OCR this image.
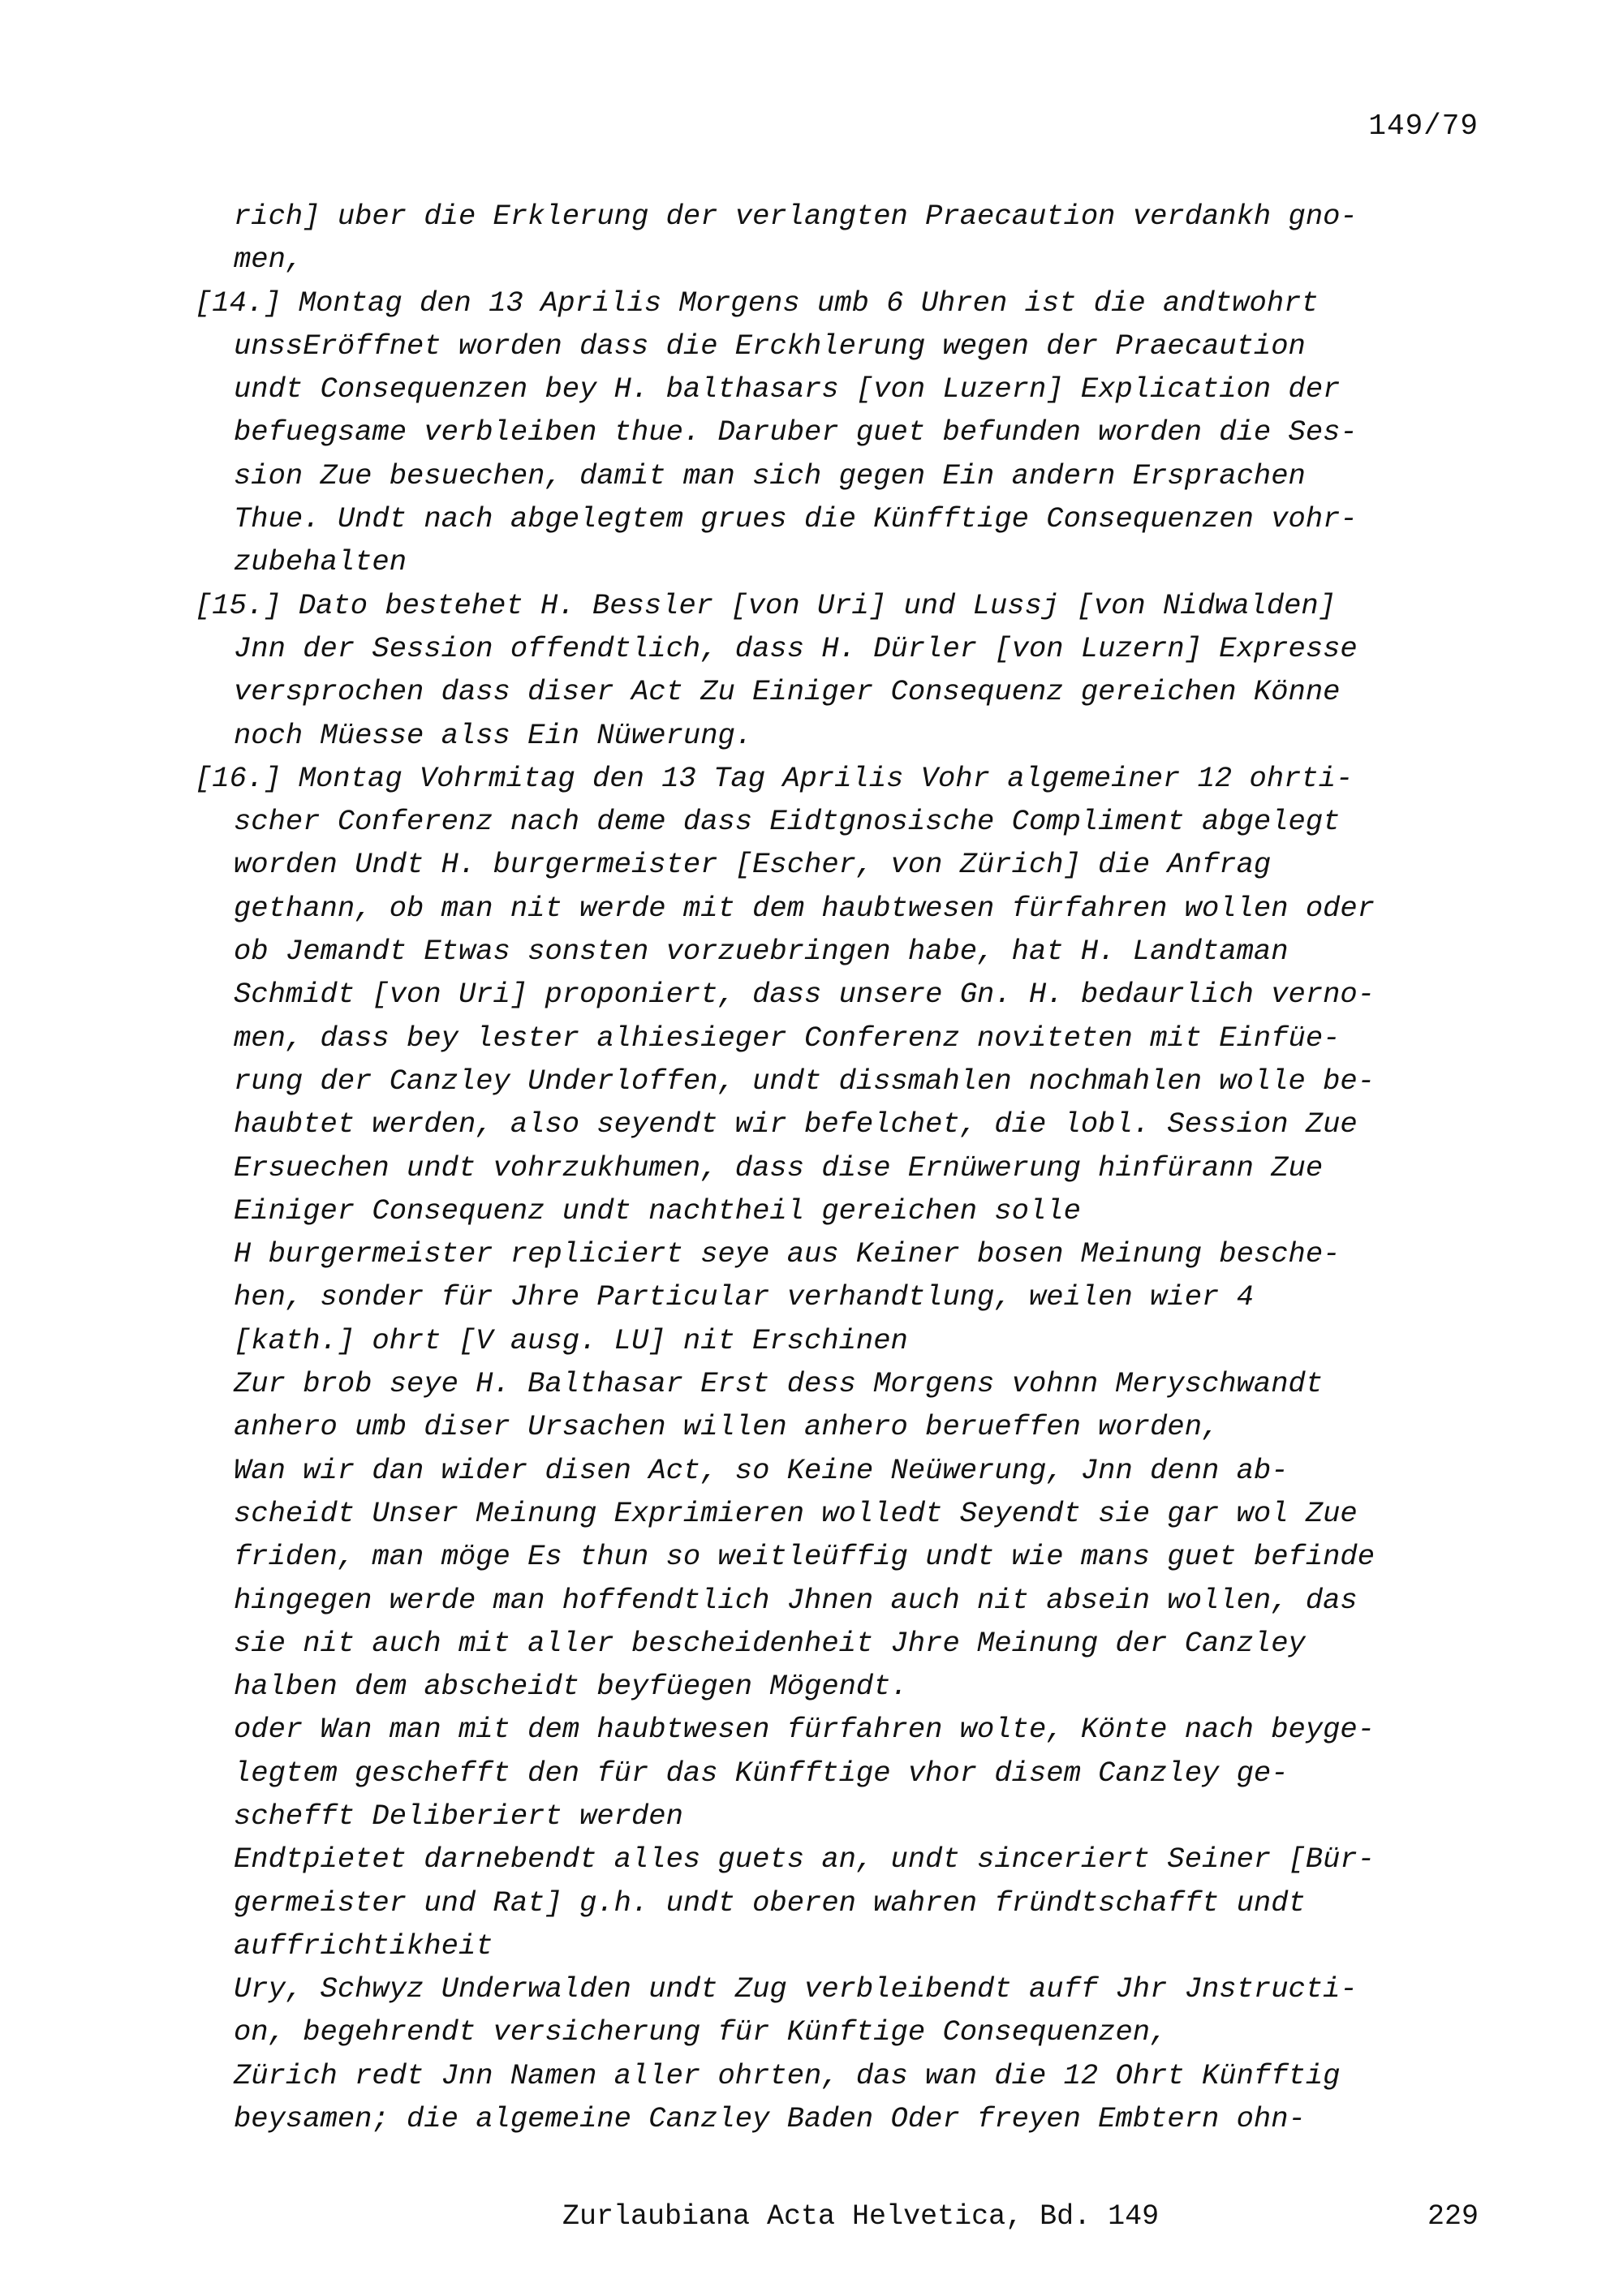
149/79
rich] uber die Erklerung der verlangten Praecaution verdankh gno-
men,
[14.] Montag den 13 Aprilis Morgens umb 6 Uhren ist die andtwohrt
unssEröffnet worden dass die Erckhlerung wegen der Praecaution
undt Consequenzen bey H. balthasars [von Luzern] Explication der
befuegsame verbleiben thue. Daruber guet befunden worden die Ses-
sion Zue besuechen, damit man sich gegen Ein andern Ersprachen
Thue. Undt nach abgelegtem grues die Künfftige Consequenzen vohr-
zubehalten
[15.] Dato bestehet H. Bessler [von Uri] und Lussj [von Nidwalden]
Jnn der Session offendtlich, dass H. Dürler [von Luzern] Expresse
versprochen dass diser Act Zu Einiger Consequenz gereichen Könne
noch Müesse alss Ein Nüwerung.
[16.] Montag Vohrmitag den 13 Tag Aprilis Vohr algemeiner 12 ohrti-
scher Conferenz nach deme dass Eidtgnosische Compliment abgelegt
worden Undt H. burgermeister [Escher, von Zürich] die Anfrag
gethann, ob man nit werde mit dem haubtwesen fürfahren wollen oder
ob Jemandt Etwas sonsten vorzuebringen habe, hat H. Landtaman
Schmidt [von Uri] proponiert, dass unsere Gn. H. bedaurlich verno-
men, dass bey lester alhiesieger Conferenz noviteten mit Einfüe-
rung der Canzley Underloffen, undt dissmahlen nochmahlen wolle be-
haubtet werden, also seyendt wir befelchet, die lobl. Session Zue
Ersuechen undt vohrzukhumen, dass dise Ernüwerung hinfürann Zue
Einiger Consequenz undt nachtheil gereichen solle
H burgermeister repliciert seye aus Keiner bosen Meinung besche-
hen, sonder für Jhre Particular verhandtlung, weilen wier 4
[kath.] ohrt [V ausg. LU] nit Erschinen
Zur brob seye H. Balthasar Erst dess Morgens vohnn Meryschwandt
anhero umb diser Ursachen willen anhero berueffen worden,
Wan wir dan wider disen Act, so Keine Neüwerung, Jnn denn ab-
scheidt Unser Meinung Exprimieren wolledt Seyendt sie gar wol Zue
friden, man möge Es thun so weitleüffig undt wie mans guet befinde
hingegen werde man hoffendtlich Jhnen auch nit absein wollen, das
sie nit auch mit aller bescheidenheit Jhre Meinung der Canzley
halben dem abscheidt beyfüegen Mögendt.
oder Wan man mit dem haubtwesen fürfahren wolte, Könte nach beyge-
legtem geschefft den für das Künfftige vhor disem Canzley ge-
schefft Deliberiert werden
Endtpietet darnebendt alles guets an, undt sinceriert Seiner [Bür-
germeister und Rat] g.h. undt oberen wahren fründtschafft undt
auffrichtikheit
Ury, Schwyz Underwalden undt Zug verbleibendt auff Jhr Jnstructi-
on, begehrendt versicherung für Künftige Consequenzen,
Zürich redt Jnn Namen aller ohrten, das wan die 12 Ohrt Künfftig
beysamen; die algemeine Canzley Baden Oder freyen Embtern ohn-
Zurlaubiana Acta Helvetica, Bd. 149	229
